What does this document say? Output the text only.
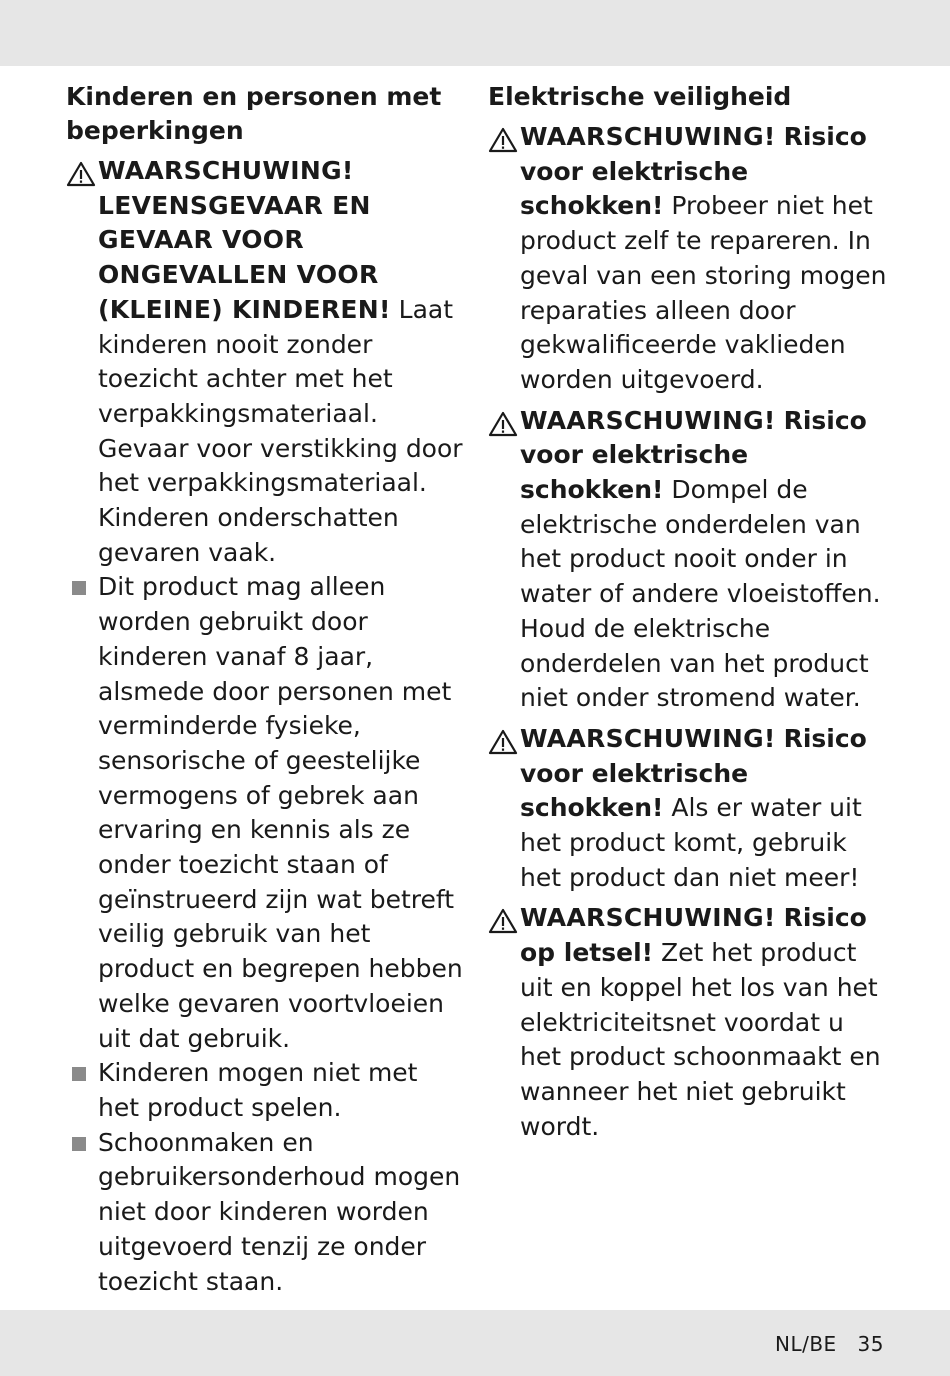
Kinderen en personen met beperkingen
WAARSCHUWING! LEVENSGEVAAR EN GEVAAR VOOR ONGEVALLEN VOOR (KLEINE) KINDEREN! Laat kinderen nooit zonder toezicht achter met het verpakkingsmateriaal. Gevaar voor verstikking door het verpakkingsmateriaal. Kinderen onderschatten gevaren vaak.
Dit product mag alleen worden gebruikt door kinderen vanaf 8 jaar, alsmede door personen met verminderde fysieke, sensorische of geestelijke vermogens of gebrek aan ervaring en kennis als ze onder toezicht staan of geïnstrueerd zijn wat betreft veilig gebruik van het product en begrepen hebben welke gevaren voortvloeien uit dat gebruik.
Kinderen mogen niet met het product spelen.
Schoonmaken en gebruikersonderhoud mogen niet door kinderen worden uitgevoerd tenzij ze onder toezicht staan.
Elektrische veiligheid
WAARSCHUWING! Risico voor elektrische schokken! Probeer niet het product zelf te repareren. In geval van een storing mogen reparaties alleen door gekwalificeerde vaklieden worden uitgevoerd.
WAARSCHUWING! Risico voor elektrische schokken! Dompel de elektrische onderdelen van het product nooit onder in water of andere vloeistoffen. Houd de elektrische onderdelen van het product niet onder stromend water.
WAARSCHUWING! Risico voor elektrische schokken! Als er water uit het product komt, gebruik het product dan niet meer!
WAARSCHUWING! Risico op letsel! Zet het product uit en koppel het los van het elektriciteitsnet voordat u het product schoonmaakt en wanneer het niet gebruikt wordt.
NL/BE 35
